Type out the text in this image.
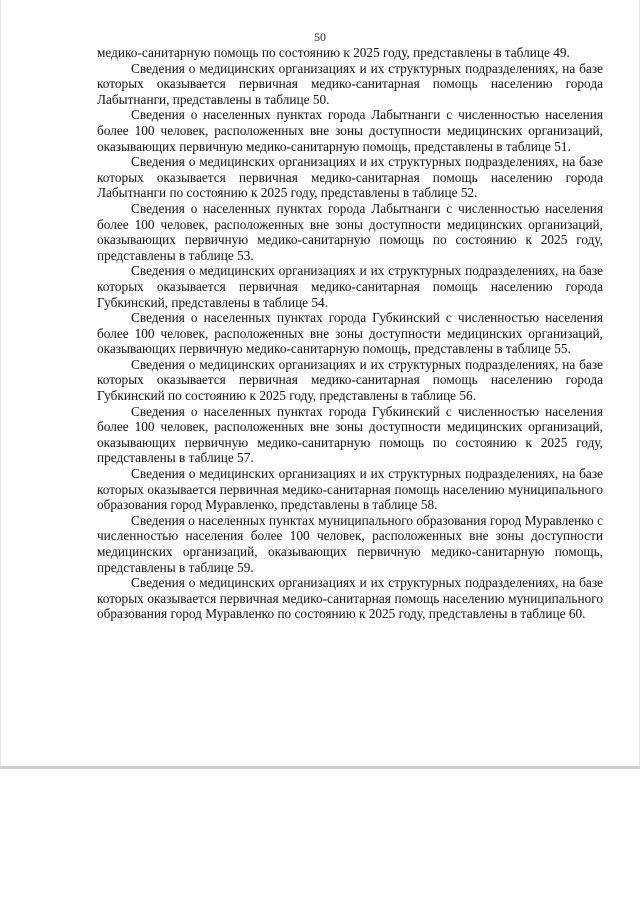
50

медико-санитарную помощь по состоянию к 2025 году, представлены в таблице 49.

Сведения о медицинских организациях и их структурных подразделениях, на базе которых оказывается первичная медико-санитарная помощь населению города Лабытнанги, представлены в таблице 50.

Сведения о населенных пунктах города Лабытнанги с численностью населения более 100 человек, расположенных вне зоны доступности медицинских организаций, оказывающих первичную медико-санитарную помощь, представлены в таблице 51.

Сведения о медицинских организациях и их структурных подразделениях, на базе которых оказывается первичная медико-санитарная помощь населению города Лабытнанги по состоянию к 2025 году, представлены в таблице 52.

Сведения о населенных пунктах города Лабытнанги с численностью населения более 100 человек, расположенных вне зоны доступности медицинских организаций, оказывающих первичную медико-санитарную помощь по состоянию к 2025 году, представлены в таблице 53.

Сведения о медицинских организациях и их структурных подразделениях, на базе которых оказывается первичная медико-санитарная помощь населению города Губкинский, представлены в таблице 54.

Сведения о населенных пунктах города Губкинский с численностью населения более 100 человек, расположенных вне зоны доступности медицинских организаций, оказывающих первичную медико-санитарную помощь, представлены в таблице 55.

Сведения о медицинских организациях и их структурных подразделениях, на базе которых оказывается первичная медико-санитарная помощь населению города Губкинский по состоянию к 2025 году, представлены в таблице 56.

Сведения о населенных пунктах города Губкинский с численностью населения более 100 человек, расположенных вне зоны доступности медицинских организаций, оказывающих первичную медико-санитарную помощь по состоянию к 2025 году, представлены в таблице 57.

Сведения о медицинских организациях и их структурных подразделениях, на базе которых оказывается первичная медико-санитарная помощь населению муниципального образования город Муравленко, представлены в таблице 58.

Сведения о населенных пунктах муниципального образования город Муравленко с численностью населения более 100 человек, расположенных вне зоны доступности медицинских организаций, оказывающих первичную медико-санитарную помощь, представлены в таблице 59.

Сведения о медицинских организациях и их структурных подразделениях, на базе которых оказывается первичная медико-санитарная помощь населению муниципального образования город Муравленко по состоянию к 2025 году, представлены в таблице 60.
